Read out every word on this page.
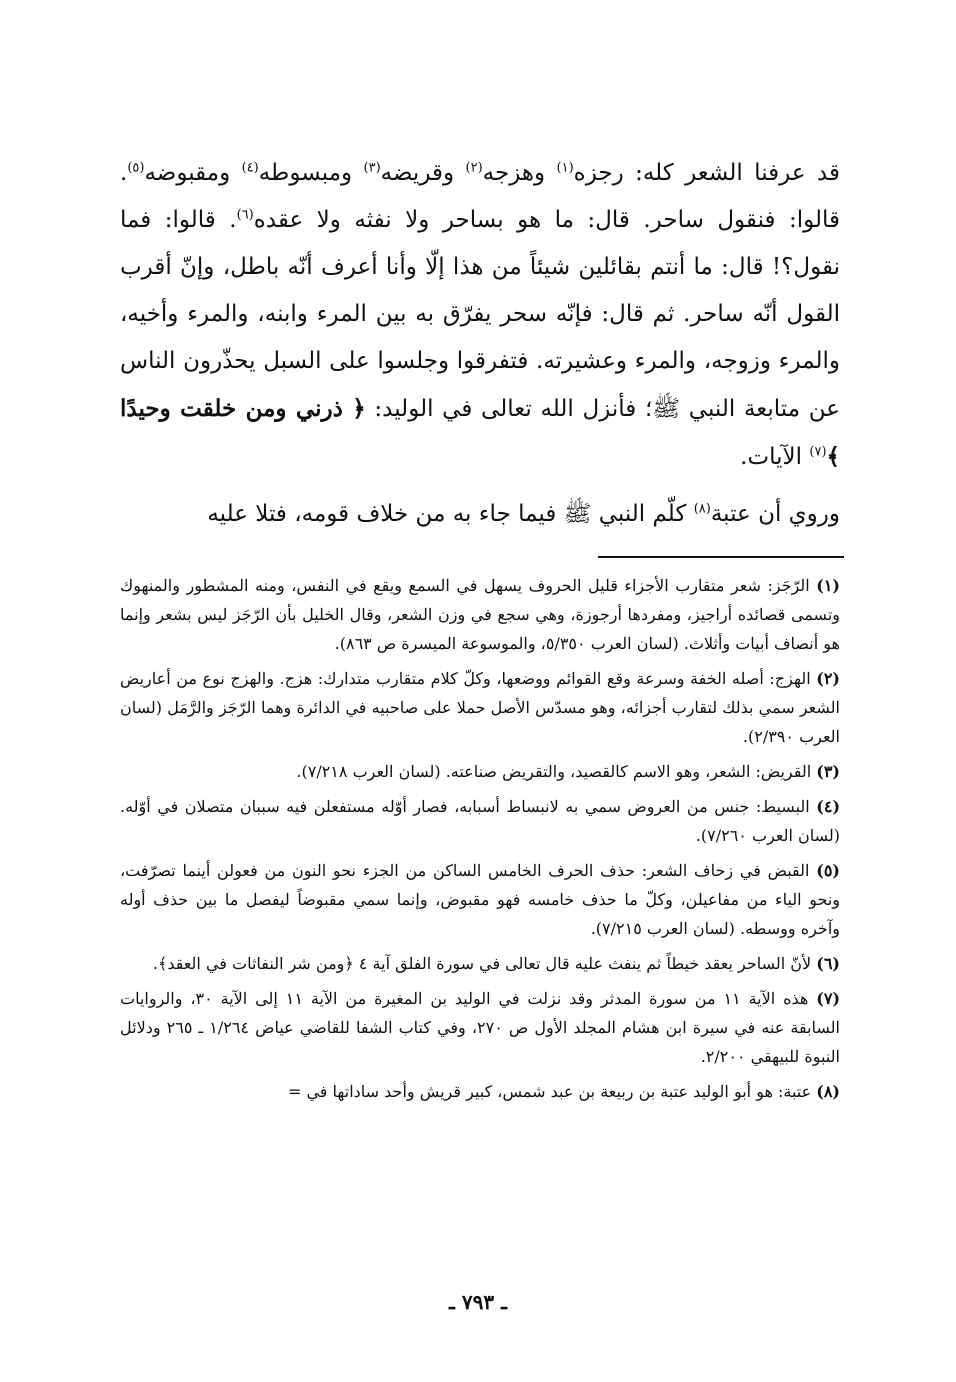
قد عرفنا الشعر كله: رجزه$^{(١)}$ وهزجه$^{(٢)}$ وقريضه$^{(٣)}$ ومبسوطه$^{(٤)}$ ومقبوضه$^{(٥)}$. قالوا: فنقول ساحر. قال: ما هو بساحر ولا نفثه ولا عقده$^{(٦)}$. قالوا: فما نقول؟! قال: ما أنتم بقائلين شيئاً من هذا إلّا وأنا أعرف أنّه باطل، وإنّ أقرب القول أنّه ساحر. ثم قال: فإنّه سحر يفرّق به بين المرء وابنه، والمرء وأخيه، والمرء وزوجه، والمرء وعشيرته. فتفرقوا وجلسوا على السبل يحذّرون الناس عن متابعة النبي ﷺ؛ فأنزل الله تعالى في الوليد: ﴿ ذرني ومن خلقت وحيدًا ﴾$^{(٧)}$ الآيات.

وروي أن عتبة$^{(٨)}$ كلّم النبي ﷺ فيما جاء به من خلاف قومه، فتلا عليه

(١) الرّجَز: شعر متقارب الأجزاء قليل الحروف يسهل في السمع ويقع في النفس، ومنه المشطور والمنهوك وتسمى قصائده أراجيز، ومفردها أرجوزة، وهي سجع في وزن الشعر، وقال الخليل بأن الرّجَز ليس بشعر وإنما هو أنصاف أبيات وأثلاث. (لسان العرب ٥/٣٥٠، والموسوعة الميسرة ص ٨٦٣).

(٢) الهزج: أصله الخفة وسرعة وقع القوائم ووضعها، وكلّ كلام متقارب متدارك: هزج. والهزج نوع من أعاريض الشعر سمي بذلك لتقارب أجزائه، وهو مسدّس الأصل حملا على صاحبيه في الدائرة وهما الرّجَز والرَّمَل (لسان العرب ٢/٣٩٠).

(٣) القريض: الشعر، وهو الاسم كالقصيد، والتقريض صناعته. (لسان العرب ٧/٢١٨).

(٤) البسيط: جنس من العروض سمي به لانبساط أسبابه، فصار أوّله مستفعلن فيه سببان متصلان في أوّله. (لسان العرب ٧/٢٦٠).

(٥) القبض في زحاف الشعر: حذف الحرف الخامس الساكن من الجزء نحو النون من فعولن أينما تصرّفت، ونحو الياء من مفاعيلن، وكلّ ما حذف خامسه فهو مقبوض، وإنما سمي مقبوضاً ليفصل ما بين حذف أوله وآخره ووسطه. (لسان العرب ٧/٢١٥).

(٦) لأنّ الساحر يعقد خيطاً ثم ينفث عليه قال تعالى في سورة الفلق آية ٤ ﴿ومن شر النفاثات في العقد﴾.

(٧) هذه الآية ١١ من سورة المدثر وقد نزلت في الوليد بن المغيرة من الآية ١١ إلى الآية ٣٠، والروايات السابقة عنه في سيرة ابن هشام المجلد الأول ص ٢٧٠، وفي كتاب الشفا للقاضي عياض ١/٢٦٤ ـ ٢٦٥ ودلائل النبوة للبيهقي ٢/٢٠٠.

(٨) عتبة: هو أبو الوليد عتبة بن ربيعة بن عبد شمس، كبير قريش وأحد ساداتها في =

ـ ٧٩٣ ـ
